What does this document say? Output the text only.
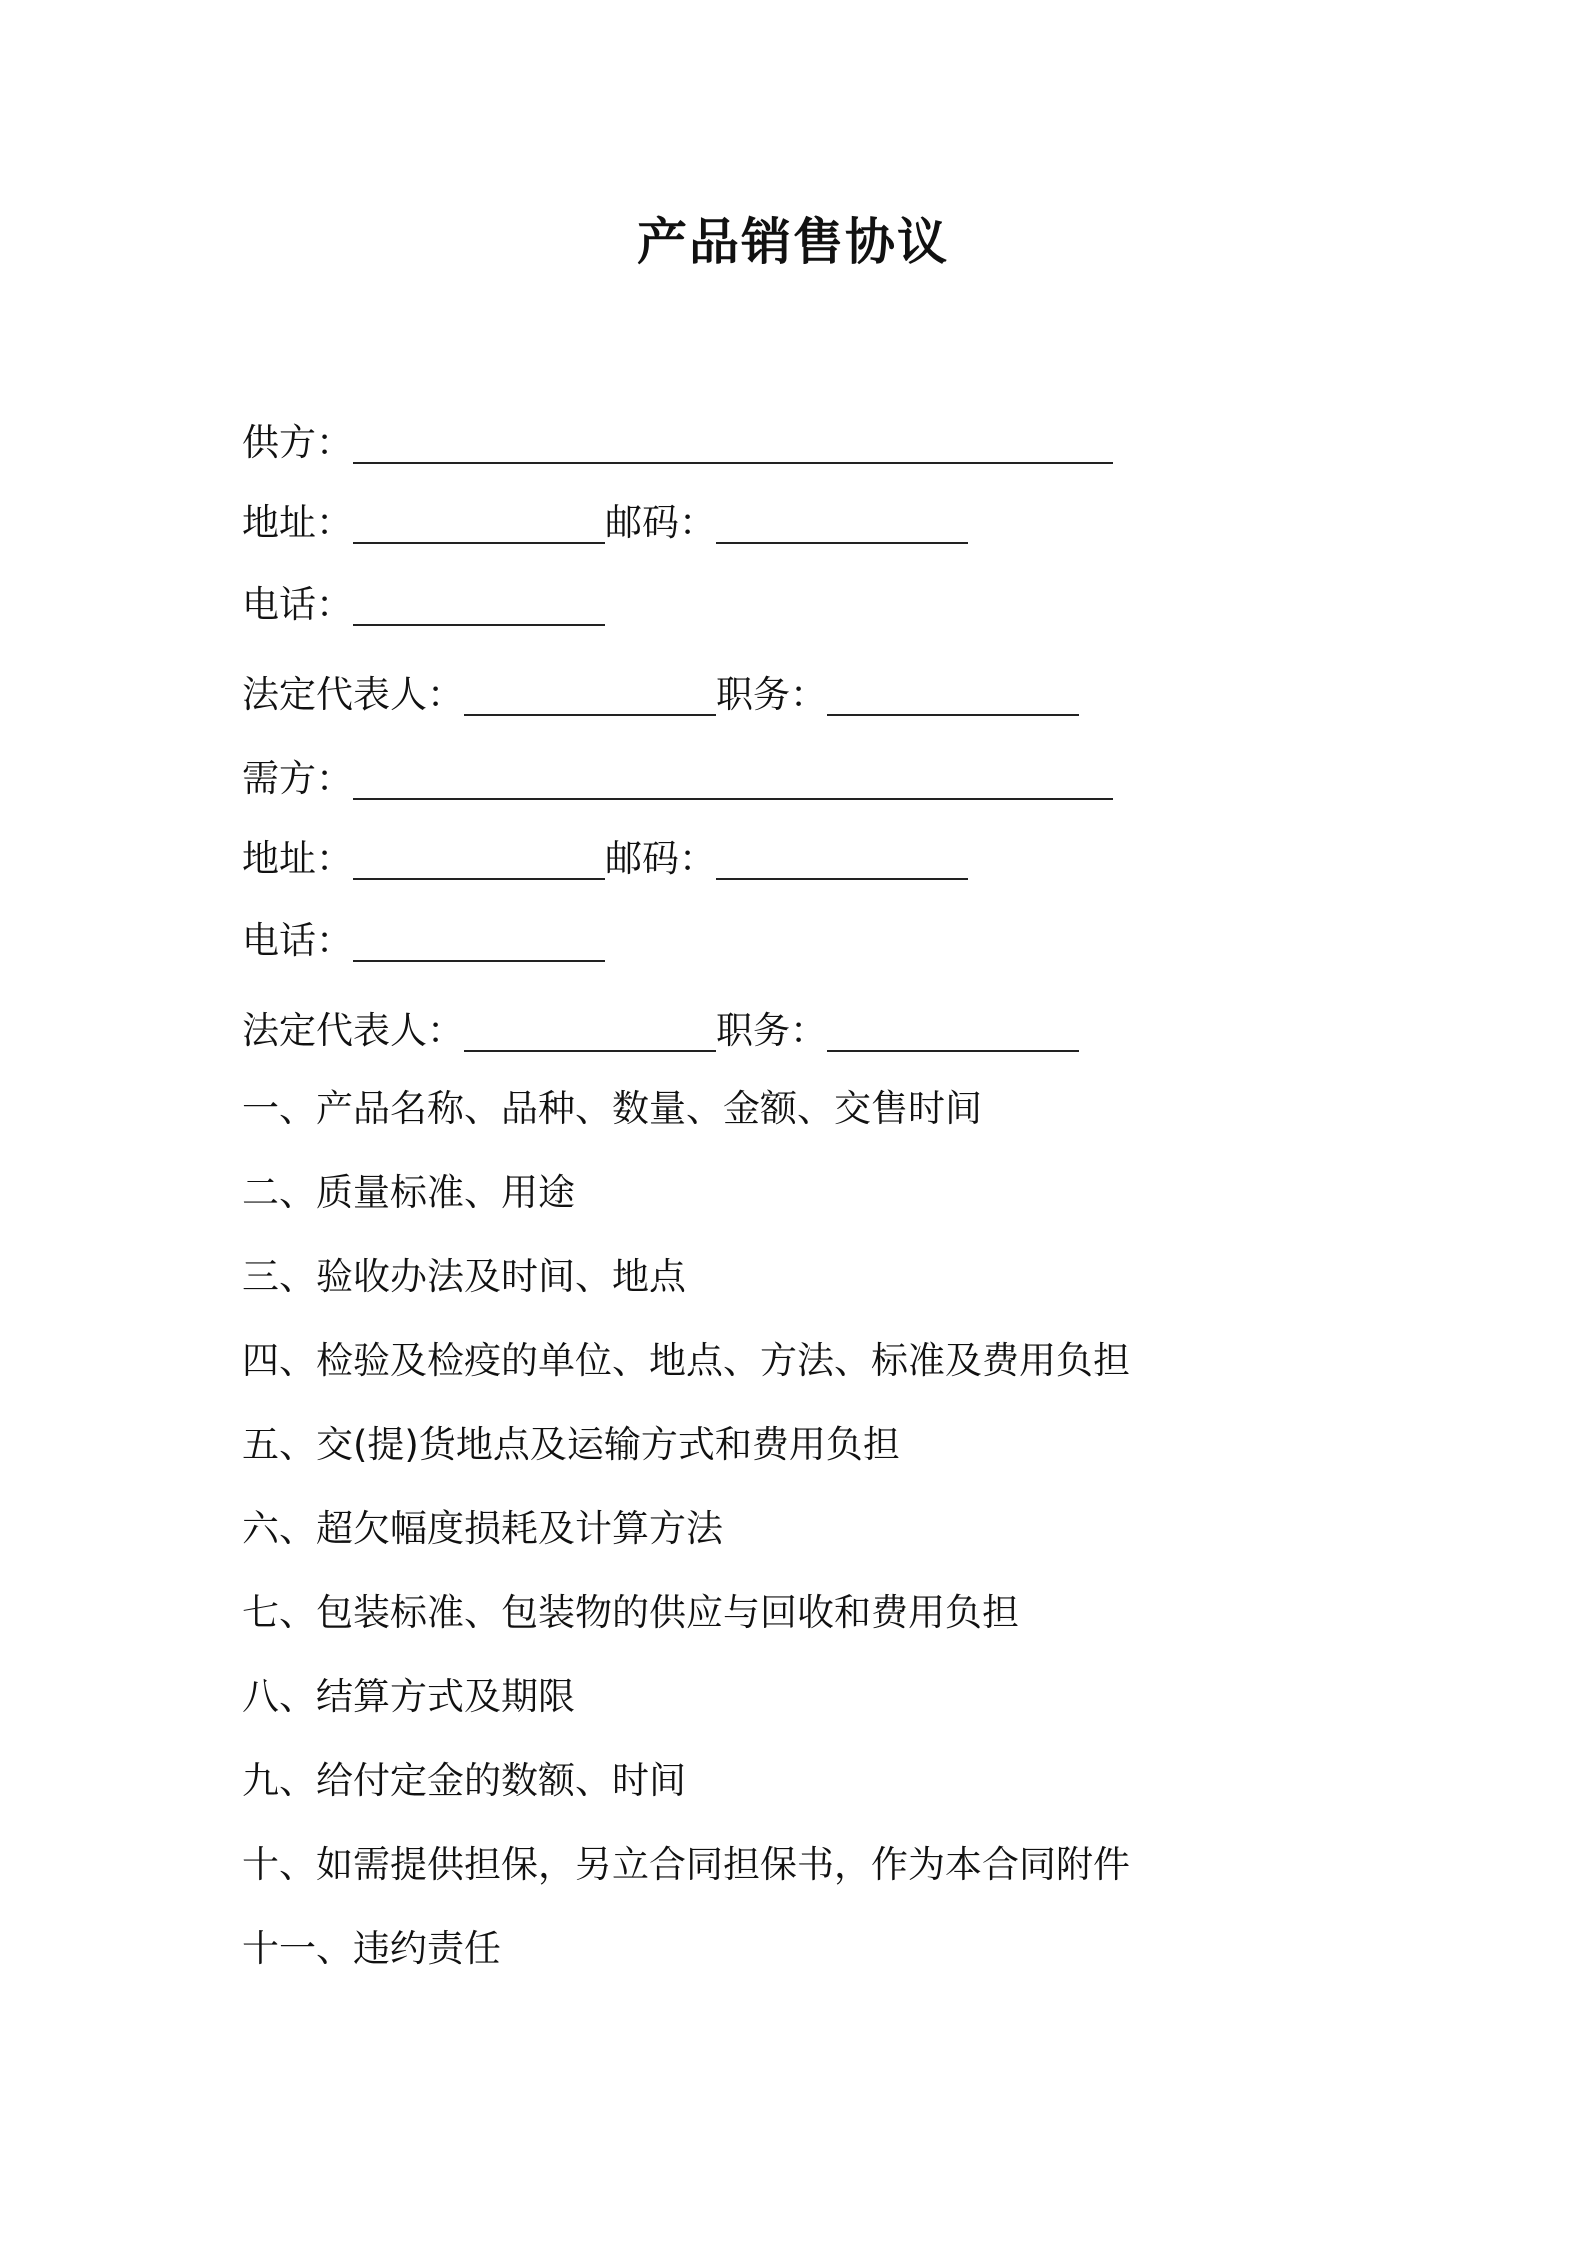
产品销售协议
供方：
地址：	邮码：
电话：
法定代表人：	职务：
需方：
地址：	邮码：
电话：
法定代表人：	职务：
一、产品名称、品种、数量、金额、交售时间
二、质量标准、用途
三、验收办法及时间、地点
四、检验及检疫的单位、地点、方法、标准及费用负担
五、交(提)货地点及运输方式和费用负担
六、超欠幅度损耗及计算方法
七、包装标准、包装物的供应与回收和费用负担
八、结算方式及期限
九、给付定金的数额、时间
十、如需提供担保，另立合同担保书，作为本合同附件
十一、违约责任
